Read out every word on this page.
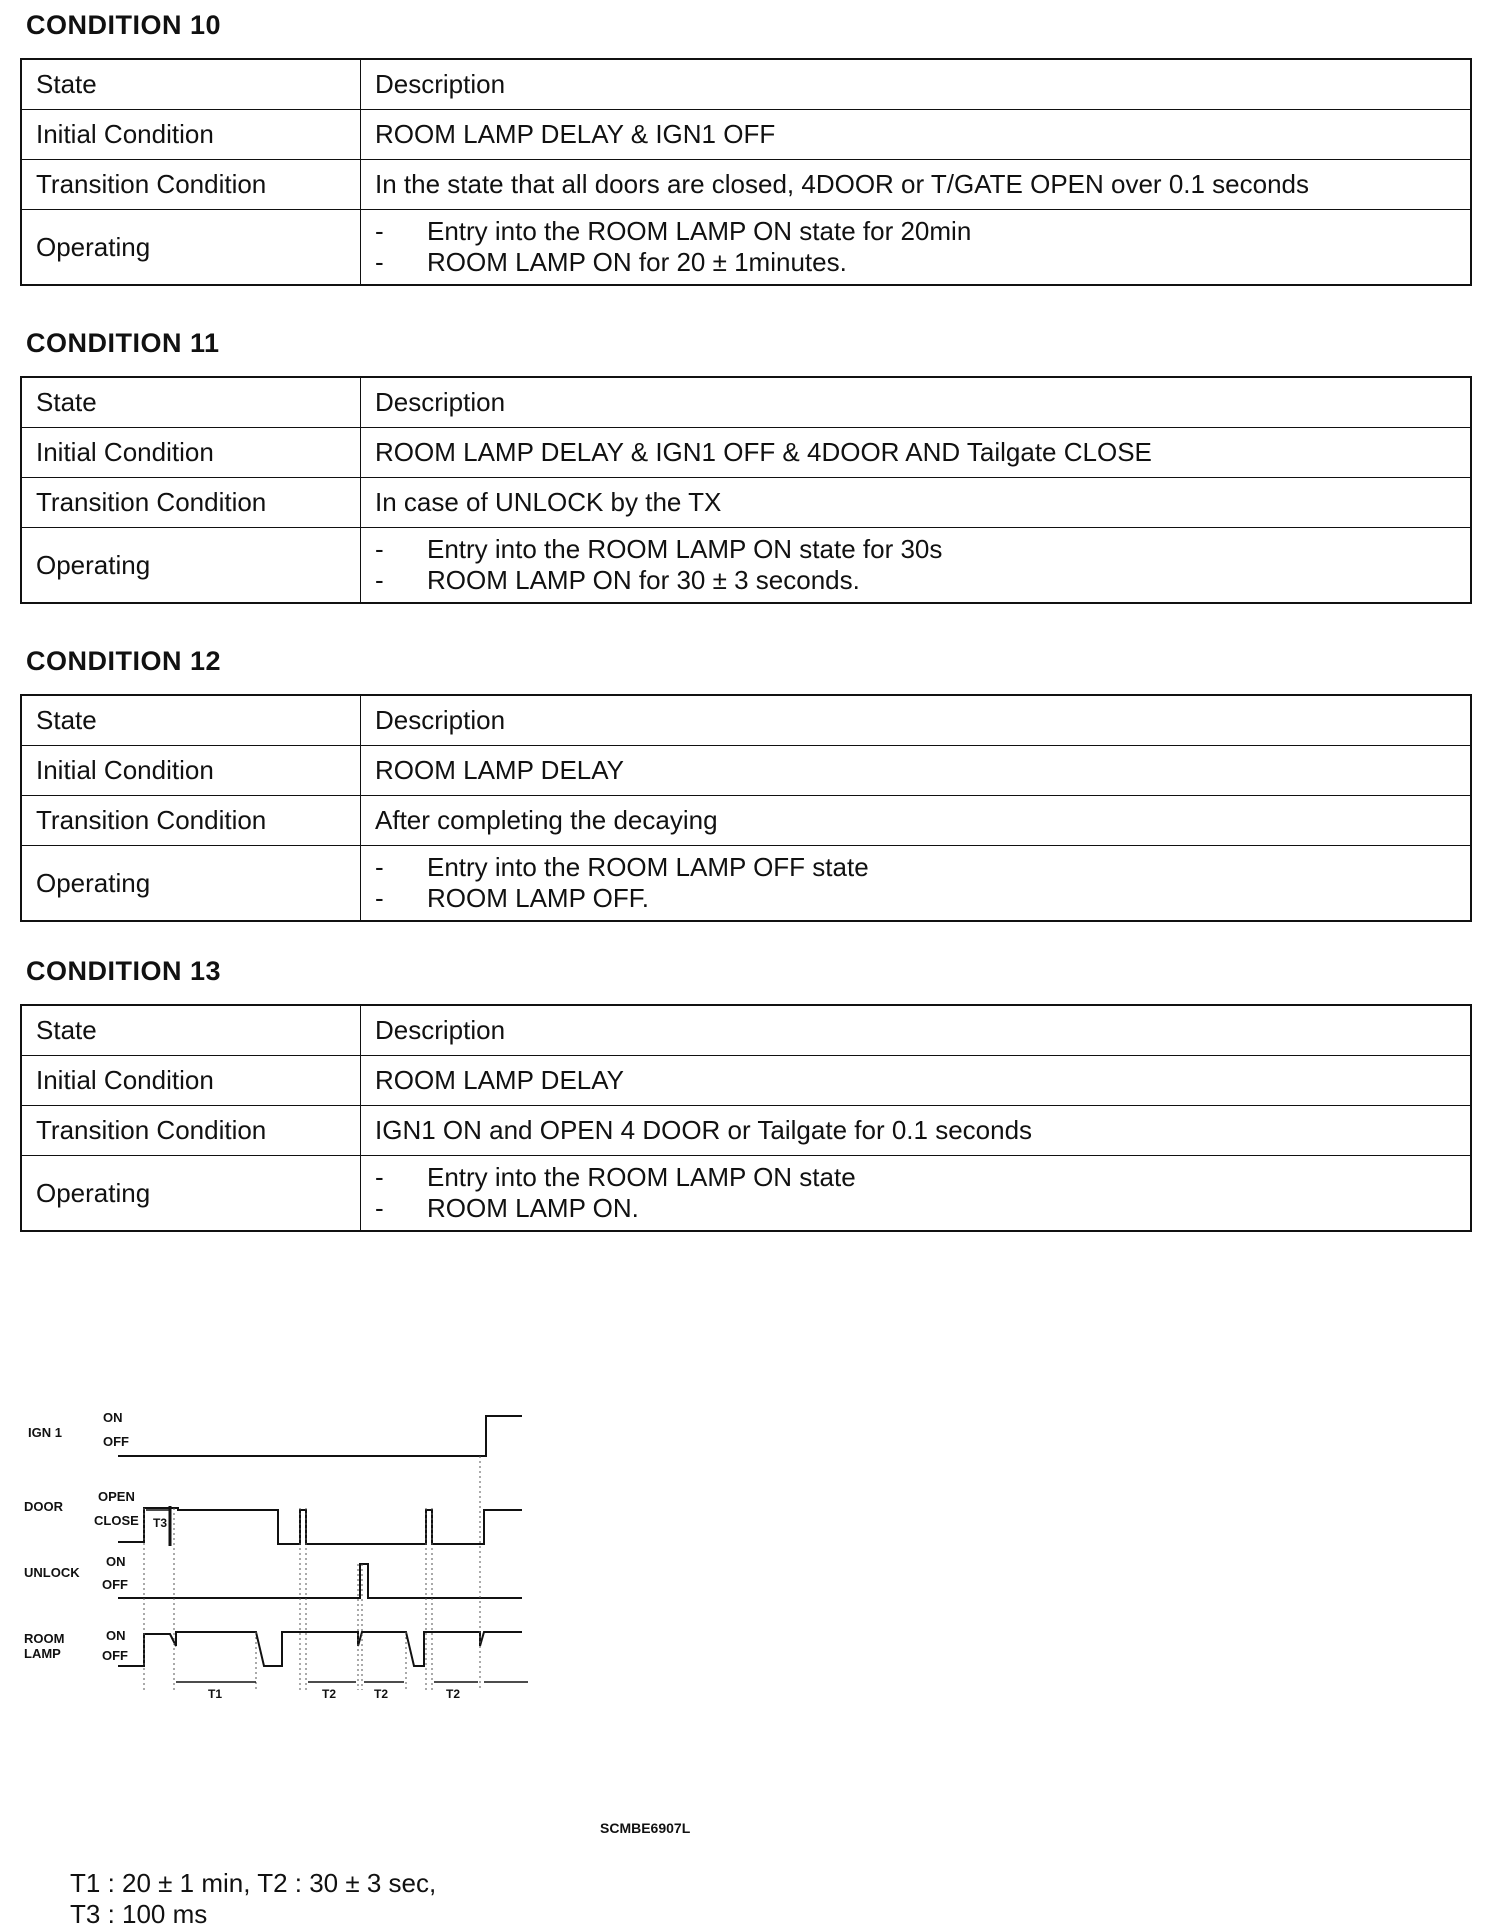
CONDITION 10
State	Description
Initial Condition	ROOM LAMP DELAY & IGN1 OFF
Transition Condition	In the state that all doors are closed, 4DOOR or T/GATE OPEN over 0.1 seconds
Operating	- Entry into the ROOM LAMP ON state for 20min
- ROOM LAMP ON for 20 ± 1minutes.
CONDITION 11
State	Description
Initial Condition	ROOM LAMP DELAY & IGN1 OFF & 4DOOR AND Tailgate CLOSE
Transition Condition	In case of UNLOCK by the TX
Operating	- Entry into the ROOM LAMP ON state for 30s
- ROOM LAMP ON for 30 ± 3 seconds.
CONDITION 12
State	Description
Initial Condition	ROOM LAMP DELAY
Transition Condition	After completing the decaying
Operating	- Entry into the ROOM LAMP OFF state
- ROOM LAMP OFF.
CONDITION 13
State	Description
Initial Condition	ROOM LAMP DELAY
Transition Condition	IGN1 ON and OPEN 4 DOOR or Tailgate for 0.1 seconds
Operating	- Entry into the ROOM LAMP ON state
- ROOM LAMP ON.
IGN 1
ON
OFF
DOOR
OPEN
CLOSE
UNLOCK
ON
OFF
ROOM
LAMP
ON
OFF
T3
T1	T2	T2	T2
SCMBE6907L
T1 : 20 ± 1 min, T2 : 30 ± 3 sec,
T3 : 100 ms
